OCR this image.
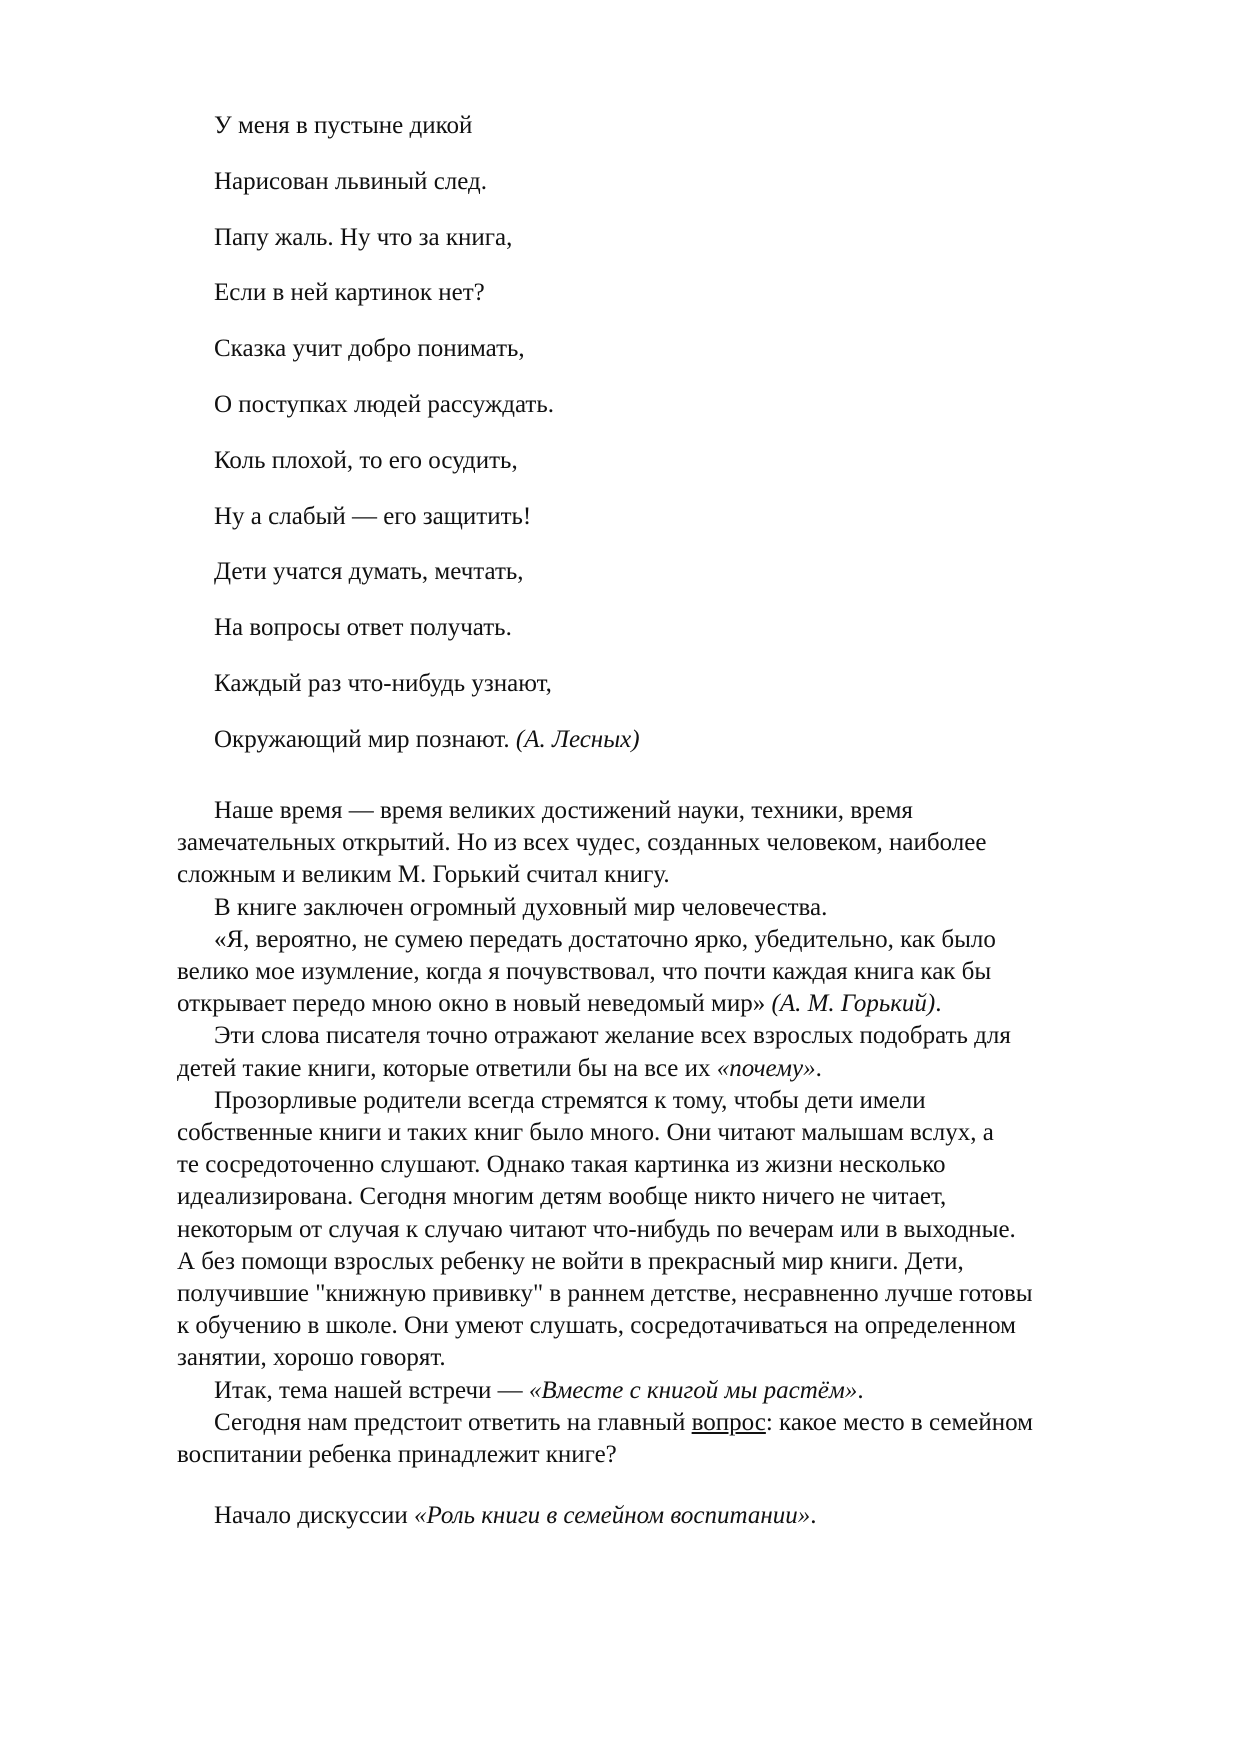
У меня в пустыне дикой
Нарисован львиный след.
Папу жаль. Ну что за книга,
Если в ней картинок нет?
Сказка учит добро понимать,
О поступках людей рассуждать.
Коль плохой, то его осудить,
Ну а слабый — его защитить!
Дети учатся думать, мечтать,
На вопросы ответ получать.
Каждый раз что-нибудь узнают,
Окружающий мир познают. (А. Лесных)
Наше время — время великих достижений науки, техники, время
замечательных открытий. Но из всех чудес, созданных человеком, наиболее
сложным и великим М. Горький считал книгу.
В книге заключен огромный духовный мир человечества.
«Я, вероятно, не сумею передать достаточно ярко, убедительно, как было
велико мое изумление, когда я почувствовал, что почти каждая книга как бы
открывает передо мною окно в новый неведомый мир» (А. М. Горький).
Эти слова писателя точно отражают желание всех взрослых подобрать для
детей такие книги, которые ответили бы на все их «почему».
Прозорливые родители всегда стремятся к тому, чтобы дети имели
собственные книги и таких книг было много. Они читают малышам вслух, а
те сосредоточенно слушают. Однако такая картинка из жизни несколько
идеализирована. Сегодня многим детям вообще никто ничего не читает,
некоторым от случая к случаю читают что-нибудь по вечерам или в выходные.
А без помощи взрослых ребенку не войти в прекрасный мир книги. Дети,
получившие "книжную прививку" в раннем детстве, несравненно лучше готовы
к обучению в школе. Они умеют слушать, сосредотачиваться на определенном
занятии, хорошо говорят.
Итак, тема нашей встречи — «Вместе с книгой мы растём».
Сегодня нам предстоит ответить на главный вопрос: какое место в семейном
воспитании ребенка принадлежит книге?

Начало дискуссии «Роль книги в семейном воспитании».
